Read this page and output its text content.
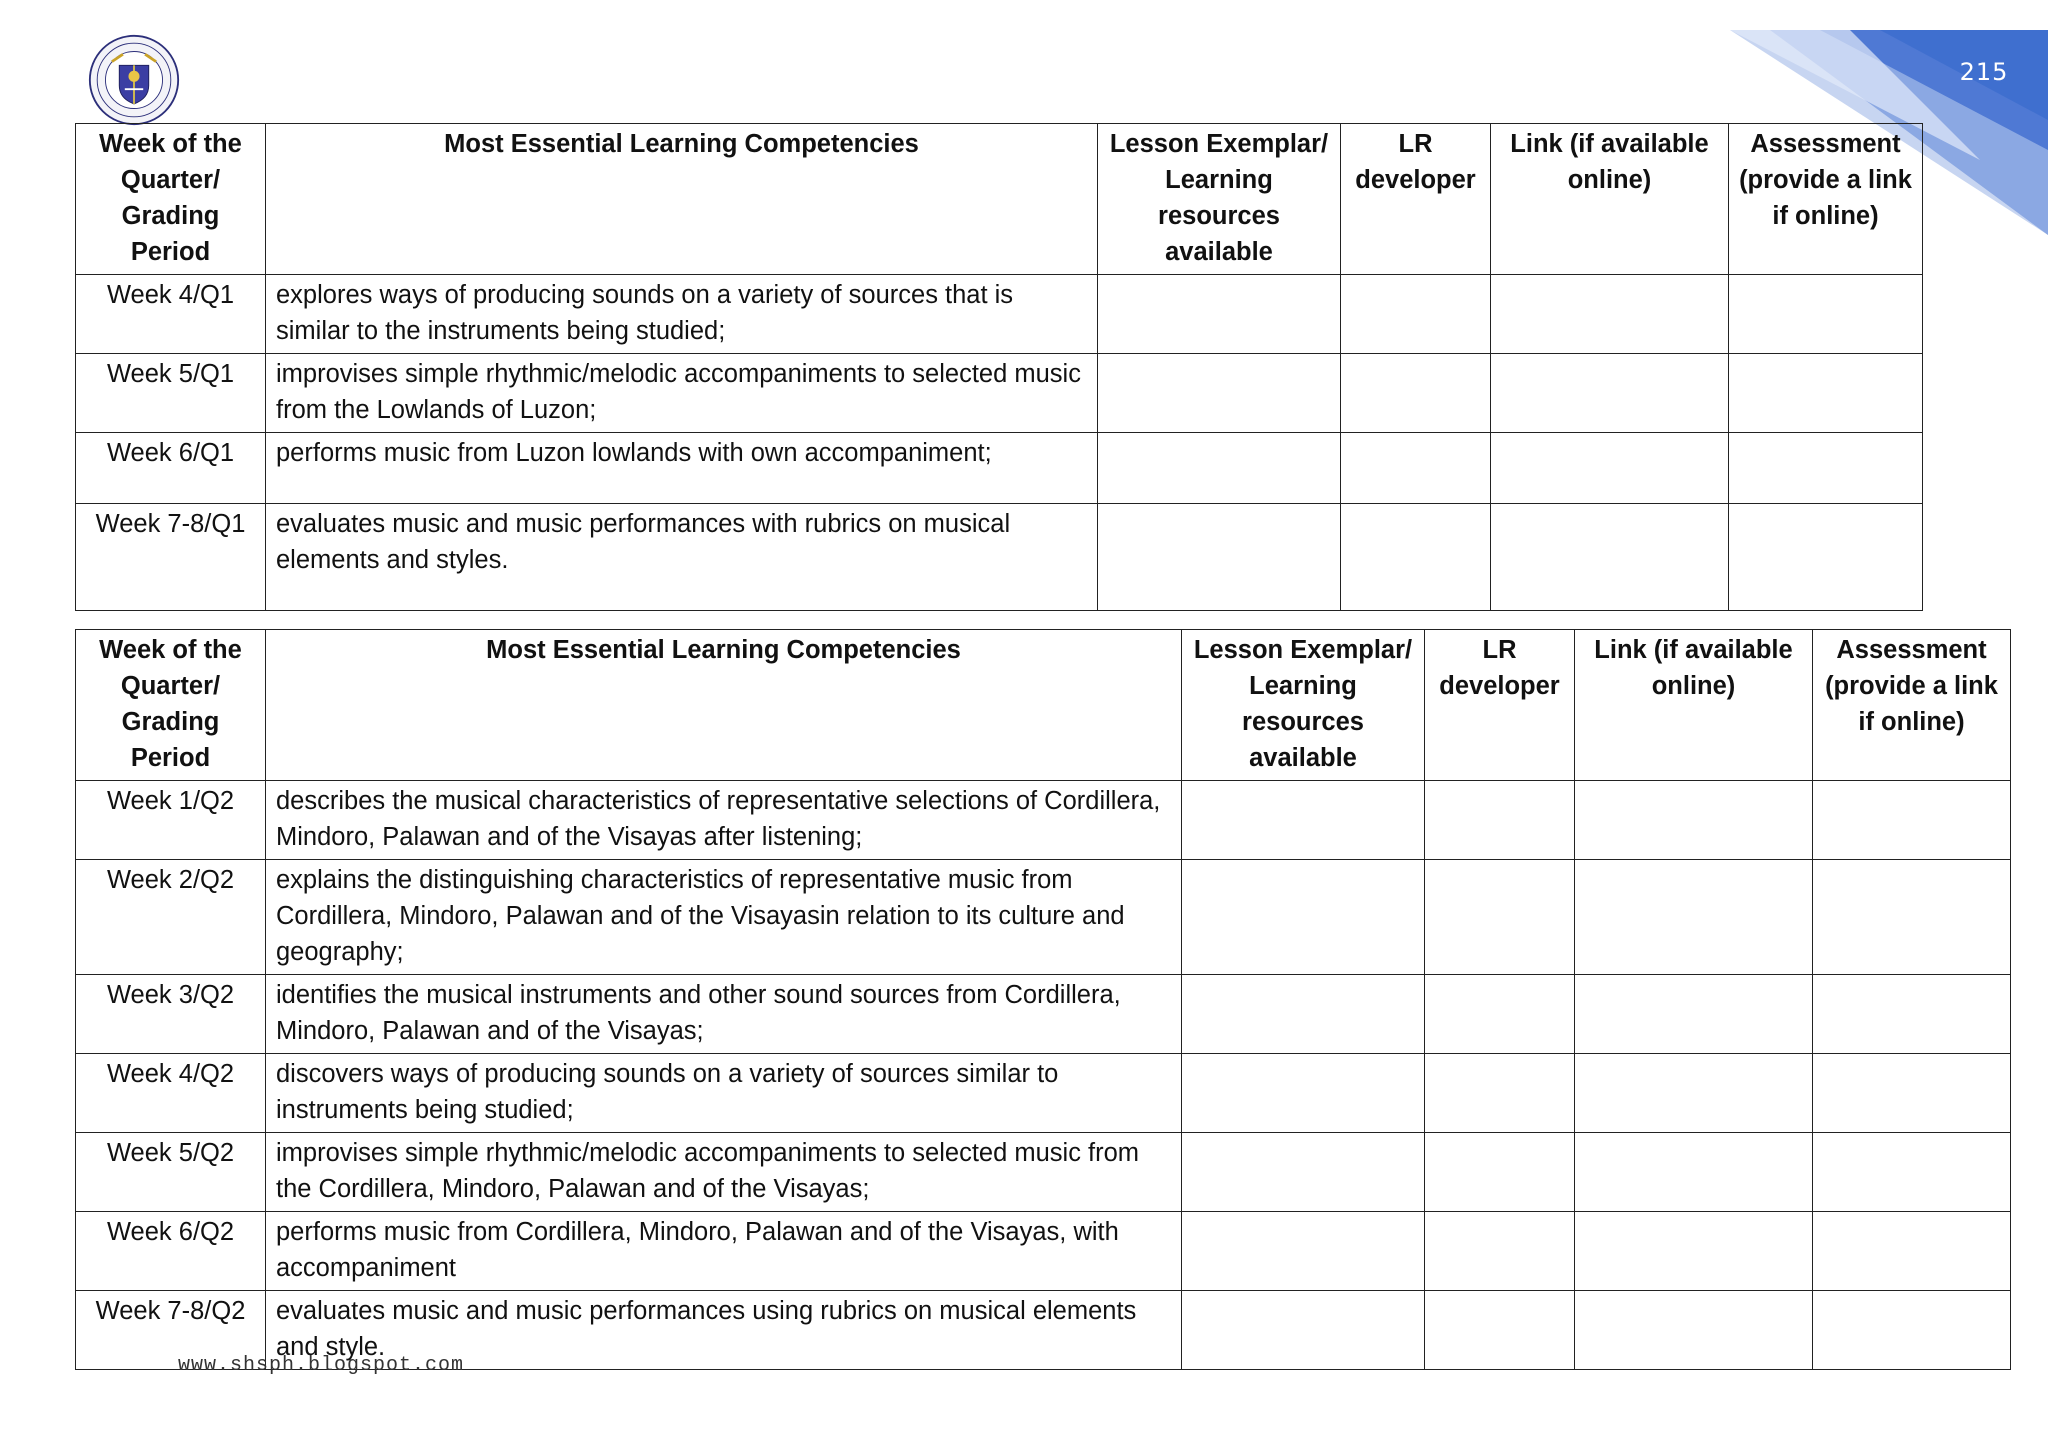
215
Week of the Quarter/ Grading Period	Most Essential Learning Competencies	Lesson Exemplar/ Learning resources available	LR developer	Link (if available online)	Assessment (provide a link if online)
Week 4/Q1	explores ways of producing sounds on a variety of sources that is similar to the instruments being studied;				
Week 5/Q1	improvises simple rhythmic/melodic accompaniments to selected music from the Lowlands of Luzon;				
Week 6/Q1	performs music from Luzon lowlands with own accompaniment;				
Week 7-8/Q1	evaluates music and music performances with rubrics on musical elements and styles.				
Week of the Quarter/ Grading Period	Most Essential Learning Competencies	Lesson Exemplar/ Learning resources available	LR developer	Link (if available online)	Assessment (provide a link if online)
Week 1/Q2	describes the musical characteristics of representative selections of Cordillera, Mindoro, Palawan and of the Visayas after listening;				
Week 2/Q2	explains the distinguishing characteristics of representative music from Cordillera, Mindoro, Palawan and of the Visayasin relation to its culture and geography;				
Week 3/Q2	identifies the musical instruments and other sound sources from Cordillera, Mindoro, Palawan and of the Visayas;				
Week 4/Q2	discovers ways of producing sounds on a variety of sources similar to instruments being studied;				
Week 5/Q2	improvises simple rhythmic/melodic accompaniments to selected music from the Cordillera, Mindoro, Palawan and of the Visayas;				
Week 6/Q2	performs music from Cordillera, Mindoro, Palawan and of the Visayas, with accompaniment				
Week 7-8/Q2	evaluates music and music performances using rubrics on musical elements and style.				
www.shsph.blogspot.com
